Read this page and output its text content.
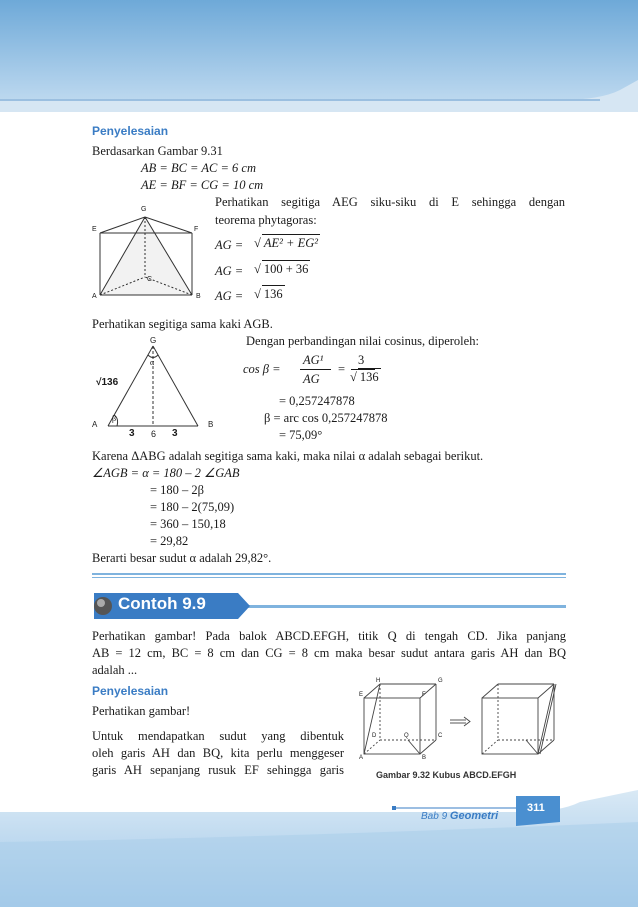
Penyelesaian
Berdasarkan Gambar 9.31
AB = BC = AC = 6 cm
AE = BF = CG = 10 cm
Perhatikan segitiga AEG siku-siku di E sehingga dengan
teorema phytagoras:
G
E	F
C
A	B
AG = √ AE² + EG²
AG = √ 100 + 36
AG = √ 136
Perhatikan segitiga sama kaki AGB.
Dengan perbandingan nilai cosinus, diperoleh:
G
α
√136
A	B
β
3 6 3
cos β =
AG¹
AG
=
3
√ 136
= 0,257247878
β = arc cos 0,257247878
= 75,09°
Karena ΔABG adalah segitiga sama kaki, maka nilai α adalah sebagai berikut.
∠AGB = α = 180 – 2 ∠GAB
= 180 – 2β
= 180 – 2(75,09)
= 360 – 150,18
= 29,82
Berarti besar sudut α adalah 29,82°.
Contoh 9.9
Perhatikan gambar! Pada balok ABCD.EFGH, titik Q di tengah CD. Jika panjang
AB = 12 cm, BC = 8 cm dan CG = 8 cm maka besar sudut antara garis AH dan BQ
adalah ...
Penyelesaian
Perhatikan gambar!
Untuk mendapatkan sudut yang dibentuk
oleh garis AH dan BQ, kita perlu menggeser
garis AH sepanjang rusuk EF sehingga garis
H	G
E	F
D	Q	C
A	B
Gambar 9.32 Kubus ABCD.EFGH
Bab 9 Geometri
311
